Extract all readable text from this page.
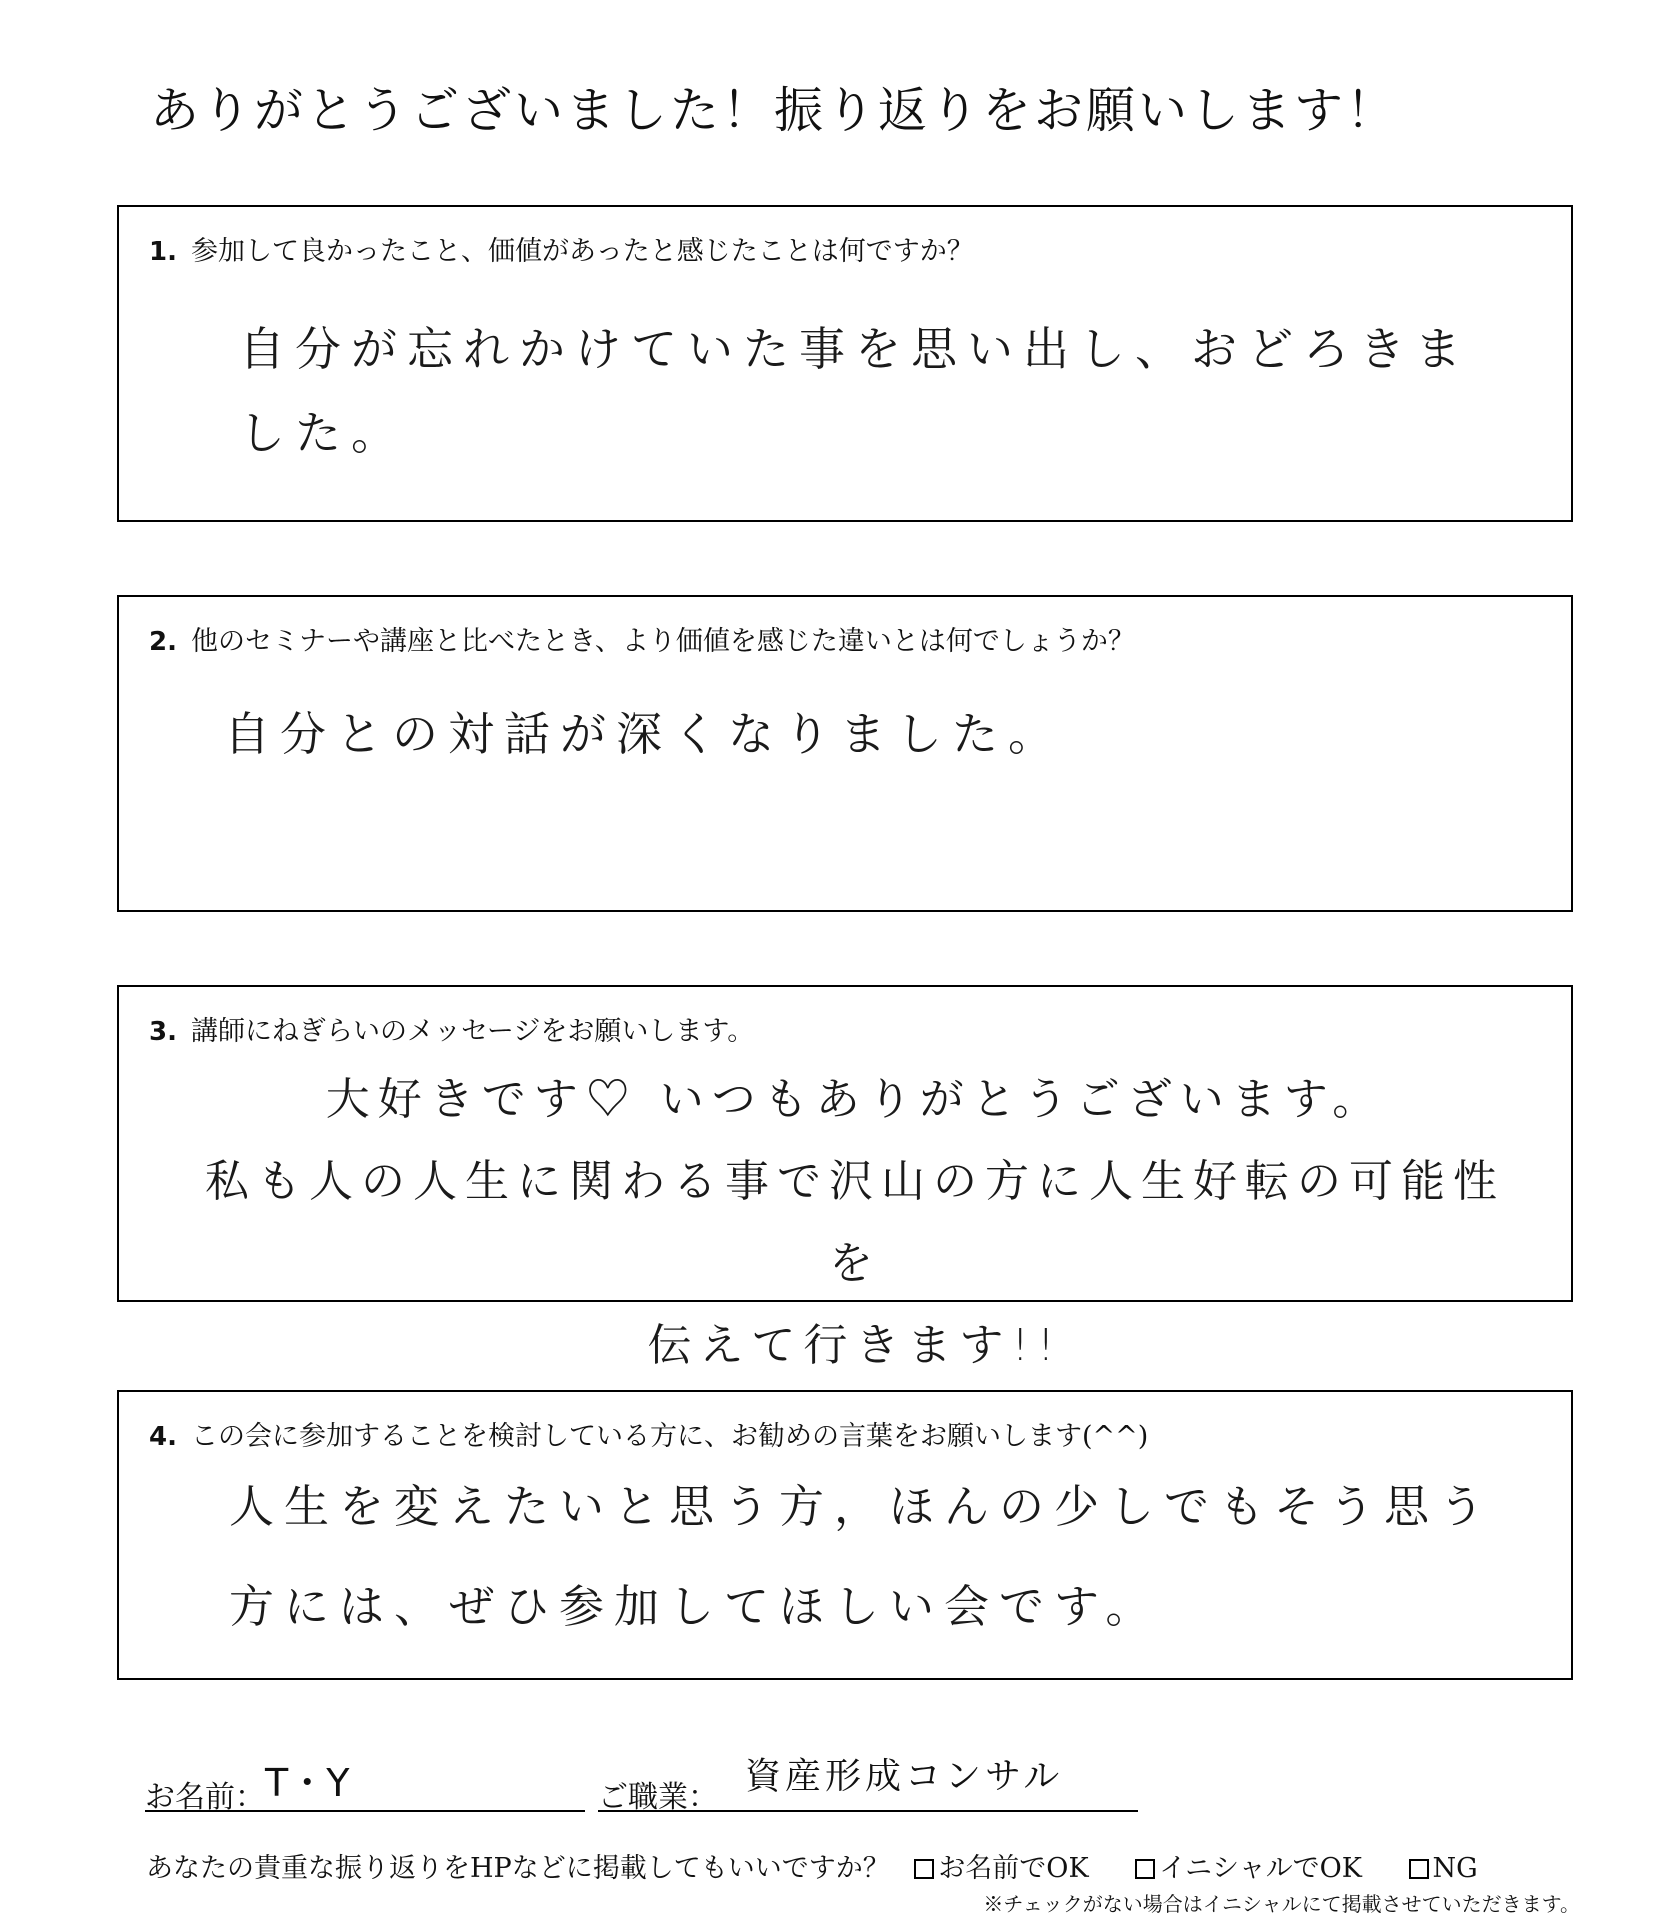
ありがとうございました！振り返りをお願いします！
1. 参加して良かったこと、価値があったと感じたことは何ですか？
自分が忘れかけていた事を思い出し、おどろきました。
2. 他のセミナーや講座と比べたとき、より価値を感じた違いとは何でしょうか？
自分との対話が深くなりました。
3. 講師にねぎらいのメッセージをお願いします。
大好きです♡ いつもありがとうございます。
私も人の人生に関わる事で沢山の方に人生好転の可能性を
伝えて行きます!!
4. この会に参加することを検討している方に、お勧めの言葉をお願いします(^^)
人生を変えたいと思う方，ほんの少しでもそう思う
方には、ぜひ参加してほしい会です。
お名前： T・Y	ご職業：
資産形成コンサル
あなたの貴重な振り返りをHPなどに掲載してもいいですか？ お名前でOK	イニシャルでOK	NG
※チェックがない場合はイニシャルにて掲載させていただきます。
